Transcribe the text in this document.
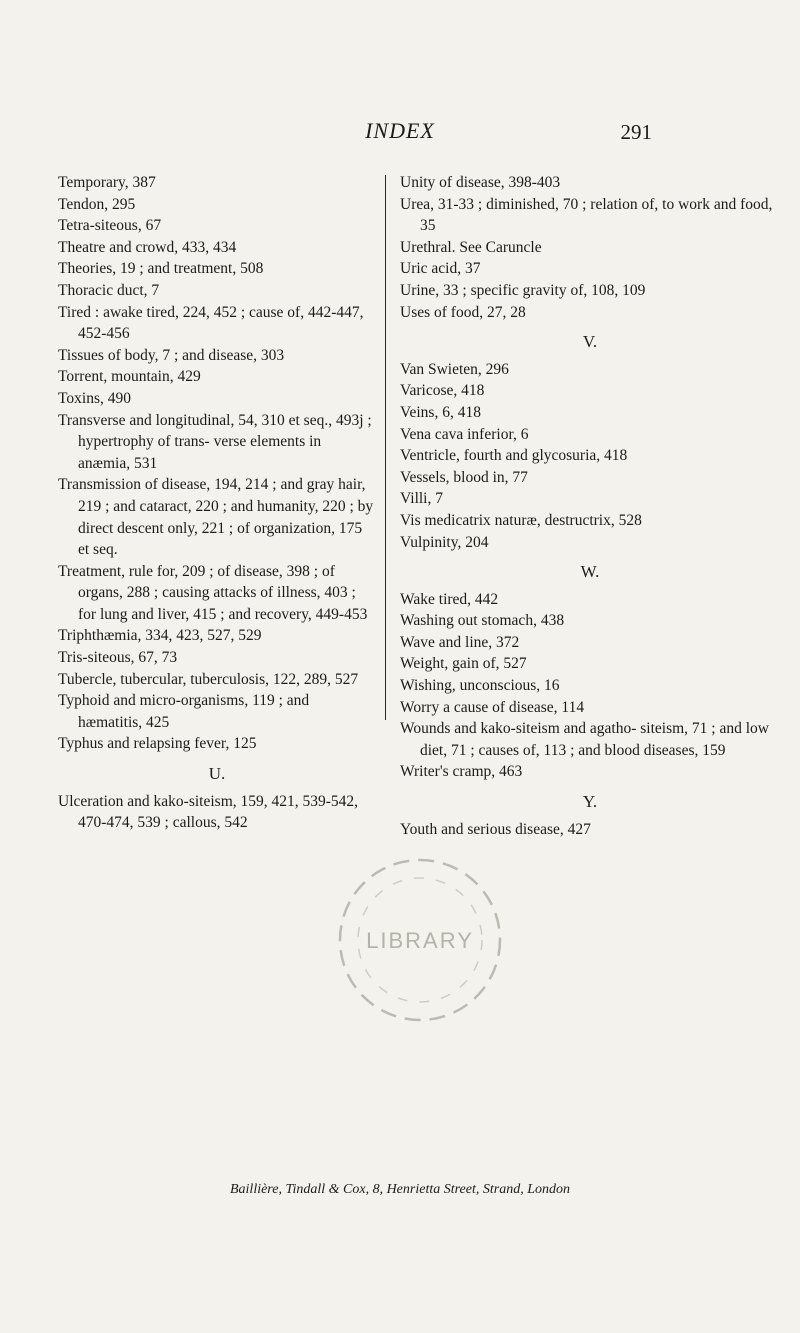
INDEX	291

Temporary, 387

Tendon, 295

Tetra-siteous, 67

Theatre and crowd, 433, 434

Theories, 19 ; and treatment, 508

Thoracic duct, 7

Tired : awake tired, 224, 452 ; cause of, 442-447, 452-456

Tissues of body, 7 ; and disease, 303

Torrent, mountain, 429

Toxins, 490

Transverse and longitudinal, 54, 310 et seq., 493j ; hypertrophy of trans- verse elements in anæmia, 531

Transmission of disease, 194, 214 ; and gray hair, 219 ; and cataract, 220 ; and humanity, 220 ; by direct descent only, 221 ; of organization, 175 et seq.

Treatment, rule for, 209 ; of disease, 398 ; of organs, 288 ; causing attacks of illness, 403 ; for lung and liver, 415 ; and recovery, 449-453

Triphthæmia, 334, 423, 527, 529

Tris-siteous, 67, 73

Tubercle, tubercular, tuberculosis, 122, 289, 527

Typhoid and micro-organisms, 119 ; and hæmatitis, 425

Typhus and relapsing fever, 125

U.

Ulceration and kako-siteism, 159, 421, 539-542, 470-474, 539 ; callous, 542

Unity of disease, 398-403

Urea, 31-33 ; diminished, 70 ; relation of, to work and food, 35

Urethral. See Caruncle

Uric acid, 37

Urine, 33 ; specific gravity of, 108, 109

Uses of food, 27, 28

V.

Van Swieten, 296

Varicose, 418

Veins, 6, 418

Vena cava inferior, 6

Ventricle, fourth and glycosuria, 418

Vessels, blood in, 77

Villi, 7

Vis medicatrix naturæ, destructrix, 528

Vulpinity, 204

W.

Wake tired, 442

Washing out stomach, 438

Wave and line, 372

Weight, gain of, 527

Wishing, unconscious, 16

Worry a cause of disease, 114

Wounds and kako-siteism and agatho- siteism, 71 ; and low diet, 71 ; causes of, 113 ; and blood diseases, 159

Writer's cramp, 463

Y.

Youth and serious disease, 427

LIBRARY
Baillière, Tindall & Cox, 8, Henrietta Street, Strand, London
